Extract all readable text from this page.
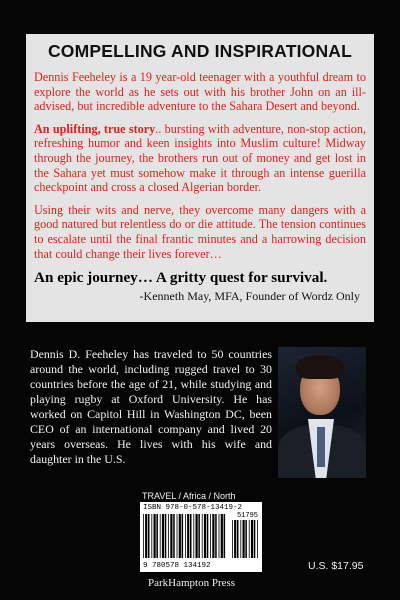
COMPELLING AND INSPIRATIONAL

Dennis Feeheley is a 19 year-old teenager with a youthful dream to explore the world as he sets out with his brother John on an ill-advised, but incredible adventure to the Sahara Desert and beyond.

An uplifting, true story.. bursting with adventure, non-stop action, refreshing humor and keen insights into Muslim culture! Midway through the journey, the brothers run out of money and get lost in the Sahara yet must somehow make it through an intense guerilla checkpoint and cross a closed Algerian border.

Using their wits and nerve, they overcome many dangers with a good natured but relentless do or die attitude. The tension continues to escalate until the final frantic minutes and a harrowing decision that could change their lives forever…

An epic journey… A gritty quest for survival.
-Kenneth May, MFA, Founder of Wordz Only

Dennis D. Feeheley has traveled to 50 countries around the world, including rugged travel to 30 countries before the age of 21, while studying and playing rugby at Oxford University. He has worked on Capitol Hill in Washington DC, been CEO of an international company and lived 20 years overseas. He lives with his wife and daughter in the U.S.

TRAVEL / Africa / North
ISBN 978-0-578-13419-2
51795
9 780578 134192	U.S. $17.95
ParkHampton Press
